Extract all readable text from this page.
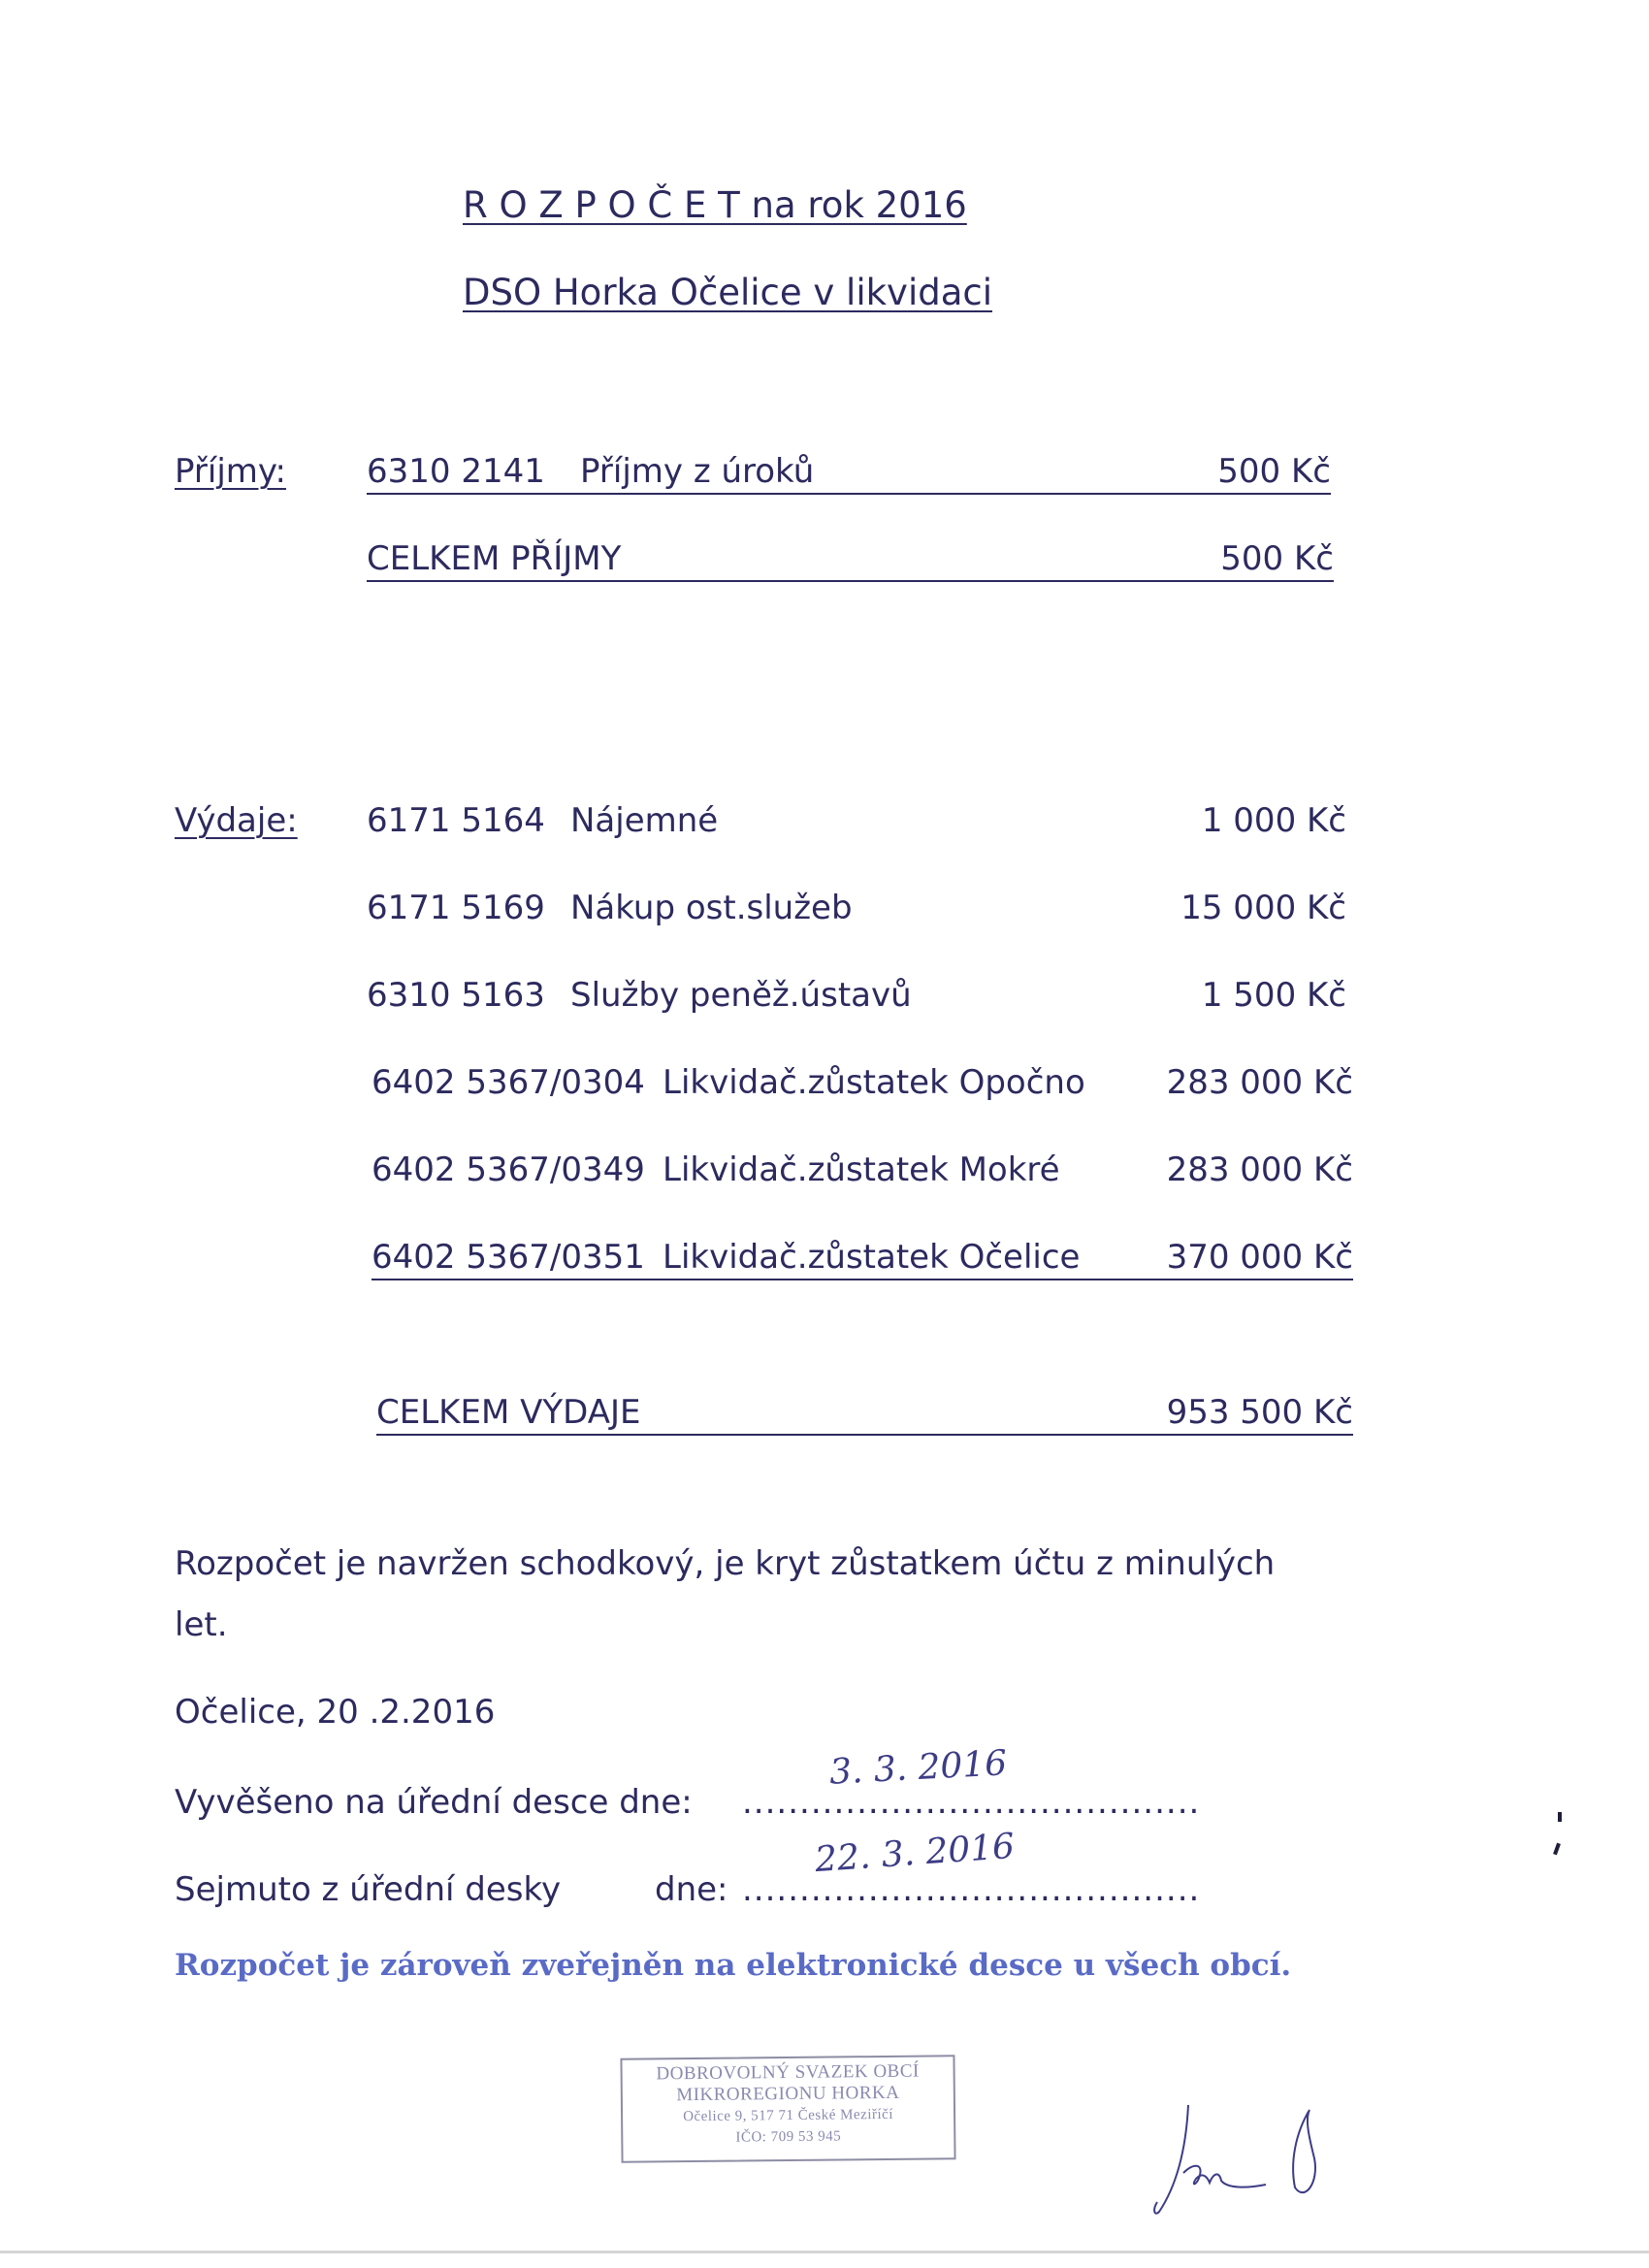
R O Z P O Č E T na rok 2016
DSO Horka Očelice v likvidaci
Příjmy: 6310 2141 Příjmy z úroků	500 Kč
CELKEM PŘÍJMY	500 Kč
Výdaje: 6171 5164 Nájemné	1 000 Kč
6171 5169 Nákup ost.služeb	15 000 Kč
6310 5163 Služby peněž.ústavů	1 500 Kč
6402 5367/0304 Likvidač.zůstatek Opočno	283 000 Kč
6402 5367/0349 Likvidač.zůstatek Mokré	283 000 Kč
6402 5367/0351 Likvidač.zůstatek Očelice	370 000 Kč
CELKEM VÝDAJE	953 500 Kč
Rozpočet je navržen schodkový, je kryt zůstatkem účtu z minulých
let.
Očelice, 20 .2.2016
Vyvěšeno na úřední desce dne: ........................................
3. 3. 2016
Sejmuto z úřední desky	dne: ........................................
22. 3. 2016
Rozpočet je zároveň zveřejněn na elektronické desce u všech obcí.
DOBROVOLNÝ SVAZEK OBCÍ
MIKROREGIONU HORKA
Očelice 9, 517 71 České Meziříčí
IČO: 709 53 945
